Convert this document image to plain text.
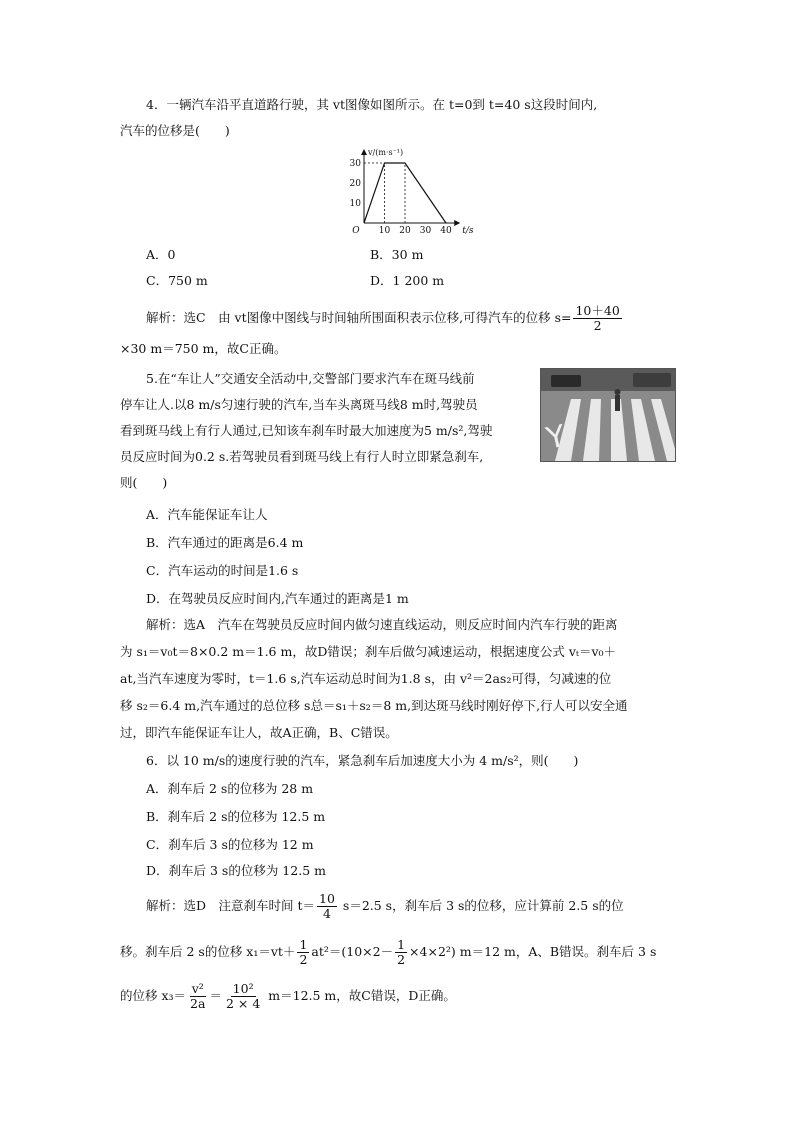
4．一辆汽车沿平直道路行驶，其 vt图像如图所示。在 t=0到 t=40 s这段时间内,
汽车的位移是(　　)
10 20 30 40
10
20
30
O	t/s
v/(m·s⁻¹)
A．0	B．30 m
C．750 m	D．1 200 m
解析：选C　由 vt图像中图线与时间轴所围面积表示位移,可得汽车的位移 $s= \frac{10+40}{2}$
×30 m＝750 m，故C正确。
5.在“车让人”交通安全活动中,交警部门要求汽车在斑马线前
停车让人.以8 m/s匀速行驶的汽车,当车头离斑马线8 m时,驾驶员
看到斑马线上有行人通过,已知该车刹车时最大加速度为5 m/s²,驾驶
员反应时间为0.2 s.若驾驶员看到斑马线上有行人时立即紧急刹车,
则(　　)
Y
A．汽车能保证车让人
B．汽车通过的距离是6.4 m
C．汽车运动的时间是1.6 s
D．在驾驶员反应时间内,汽车通过的距离是1 m
解析：选A　汽车在驾驶员反应时间内做匀速直线运动，则反应时间内汽车行驶的距离
为 s₁＝v₀t＝8×0.2 m＝1.6 m，故D错误；刹车后做匀减速运动，根据速度公式 vₜ＝v₀＋
at,当汽车速度为零时，t＝1.6 s,汽车运动总时间为1.8 s，由 v²＝2as₂可得，匀减速的位
移 s₂＝6.4 m,汽车通过的总位移 s总＝s₁＋s₂＝8 m,到达斑马线时刚好停下,行人可以安全通
过，即汽车能保证车让人，故A正确，B、C错误。
6．以 10 m/s的速度行驶的汽车，紧急刹车后加速度大小为 4 m/s²，则(　　)
A．刹车后 2 s的位移为 28 m
B．刹车后 2 s的位移为 12.5 m
C．刹车后 3 s的位移为 12 m
D．刹车后 3 s的位移为 12.5 m
解析：选D　注意刹车时间 $t= \frac{10}{4} s=2.5$ s，刹车后 3 s的位移，应计算前 2.5 s的位
移。刹车后 2 s的位移 $x_1=vt+ \frac{1}{2} at^2=(10\times 2- \frac{1}{2} \times 4\times 2^2)$ m＝12 m，A、B错误。刹车后 3 s
的位移 $x_3= \frac{\text{v²}}{2a} = \frac{\text{10²}}{2 \times 4} m=12.5$ m，故C错误，D正确。
